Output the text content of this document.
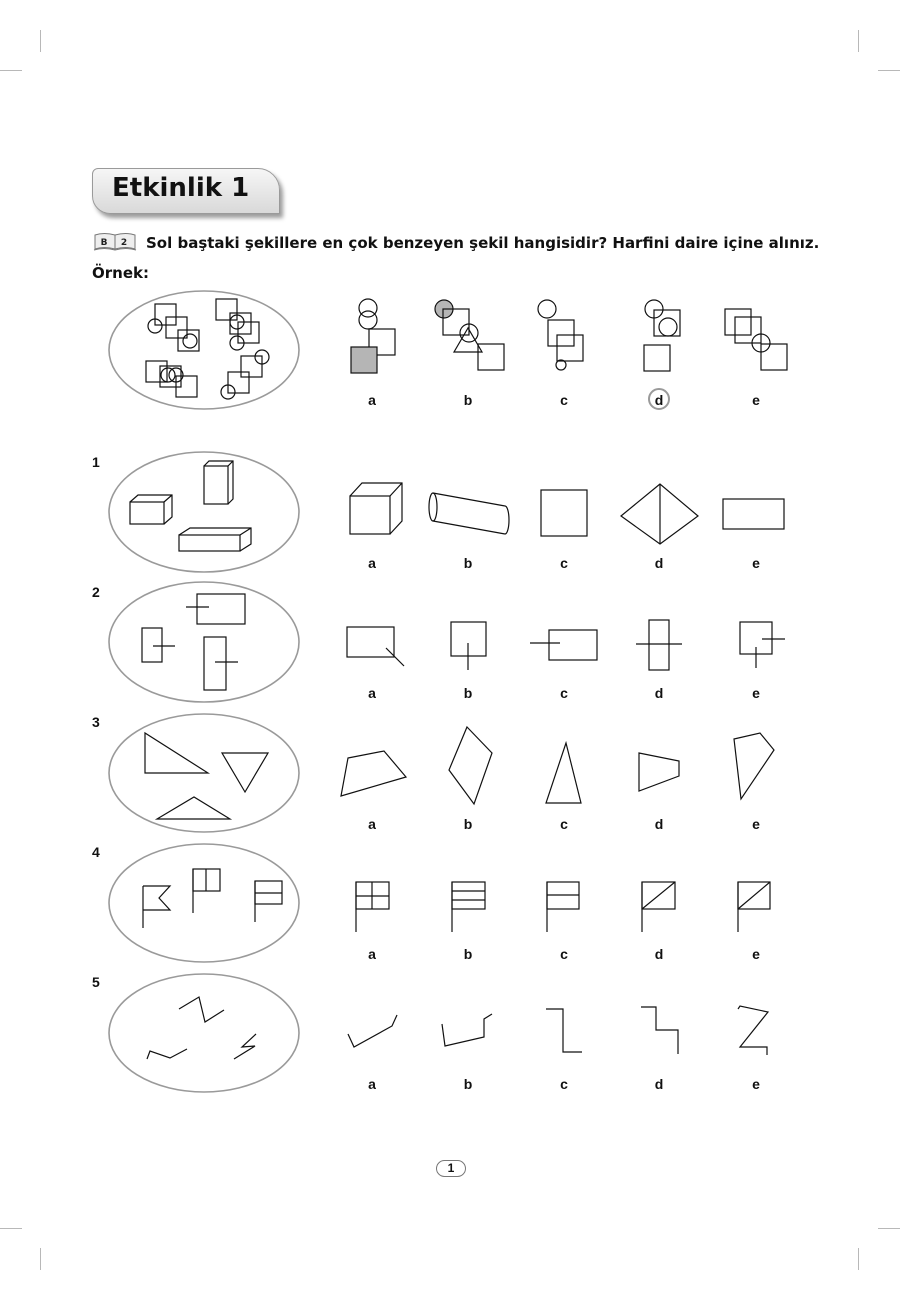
Etkinlik 1
B 2 Sol baştaki şekillere en çok benzeyen şekil hangisidir? Harfini daire içine alınız.
Örnek:
1
2
3
4
5
a	b	c	d	e
a	b	c	d	e
a	b	c	d	e
a	b	c	d	e
a	b	c	d	e
a	b	c	d	e
1
